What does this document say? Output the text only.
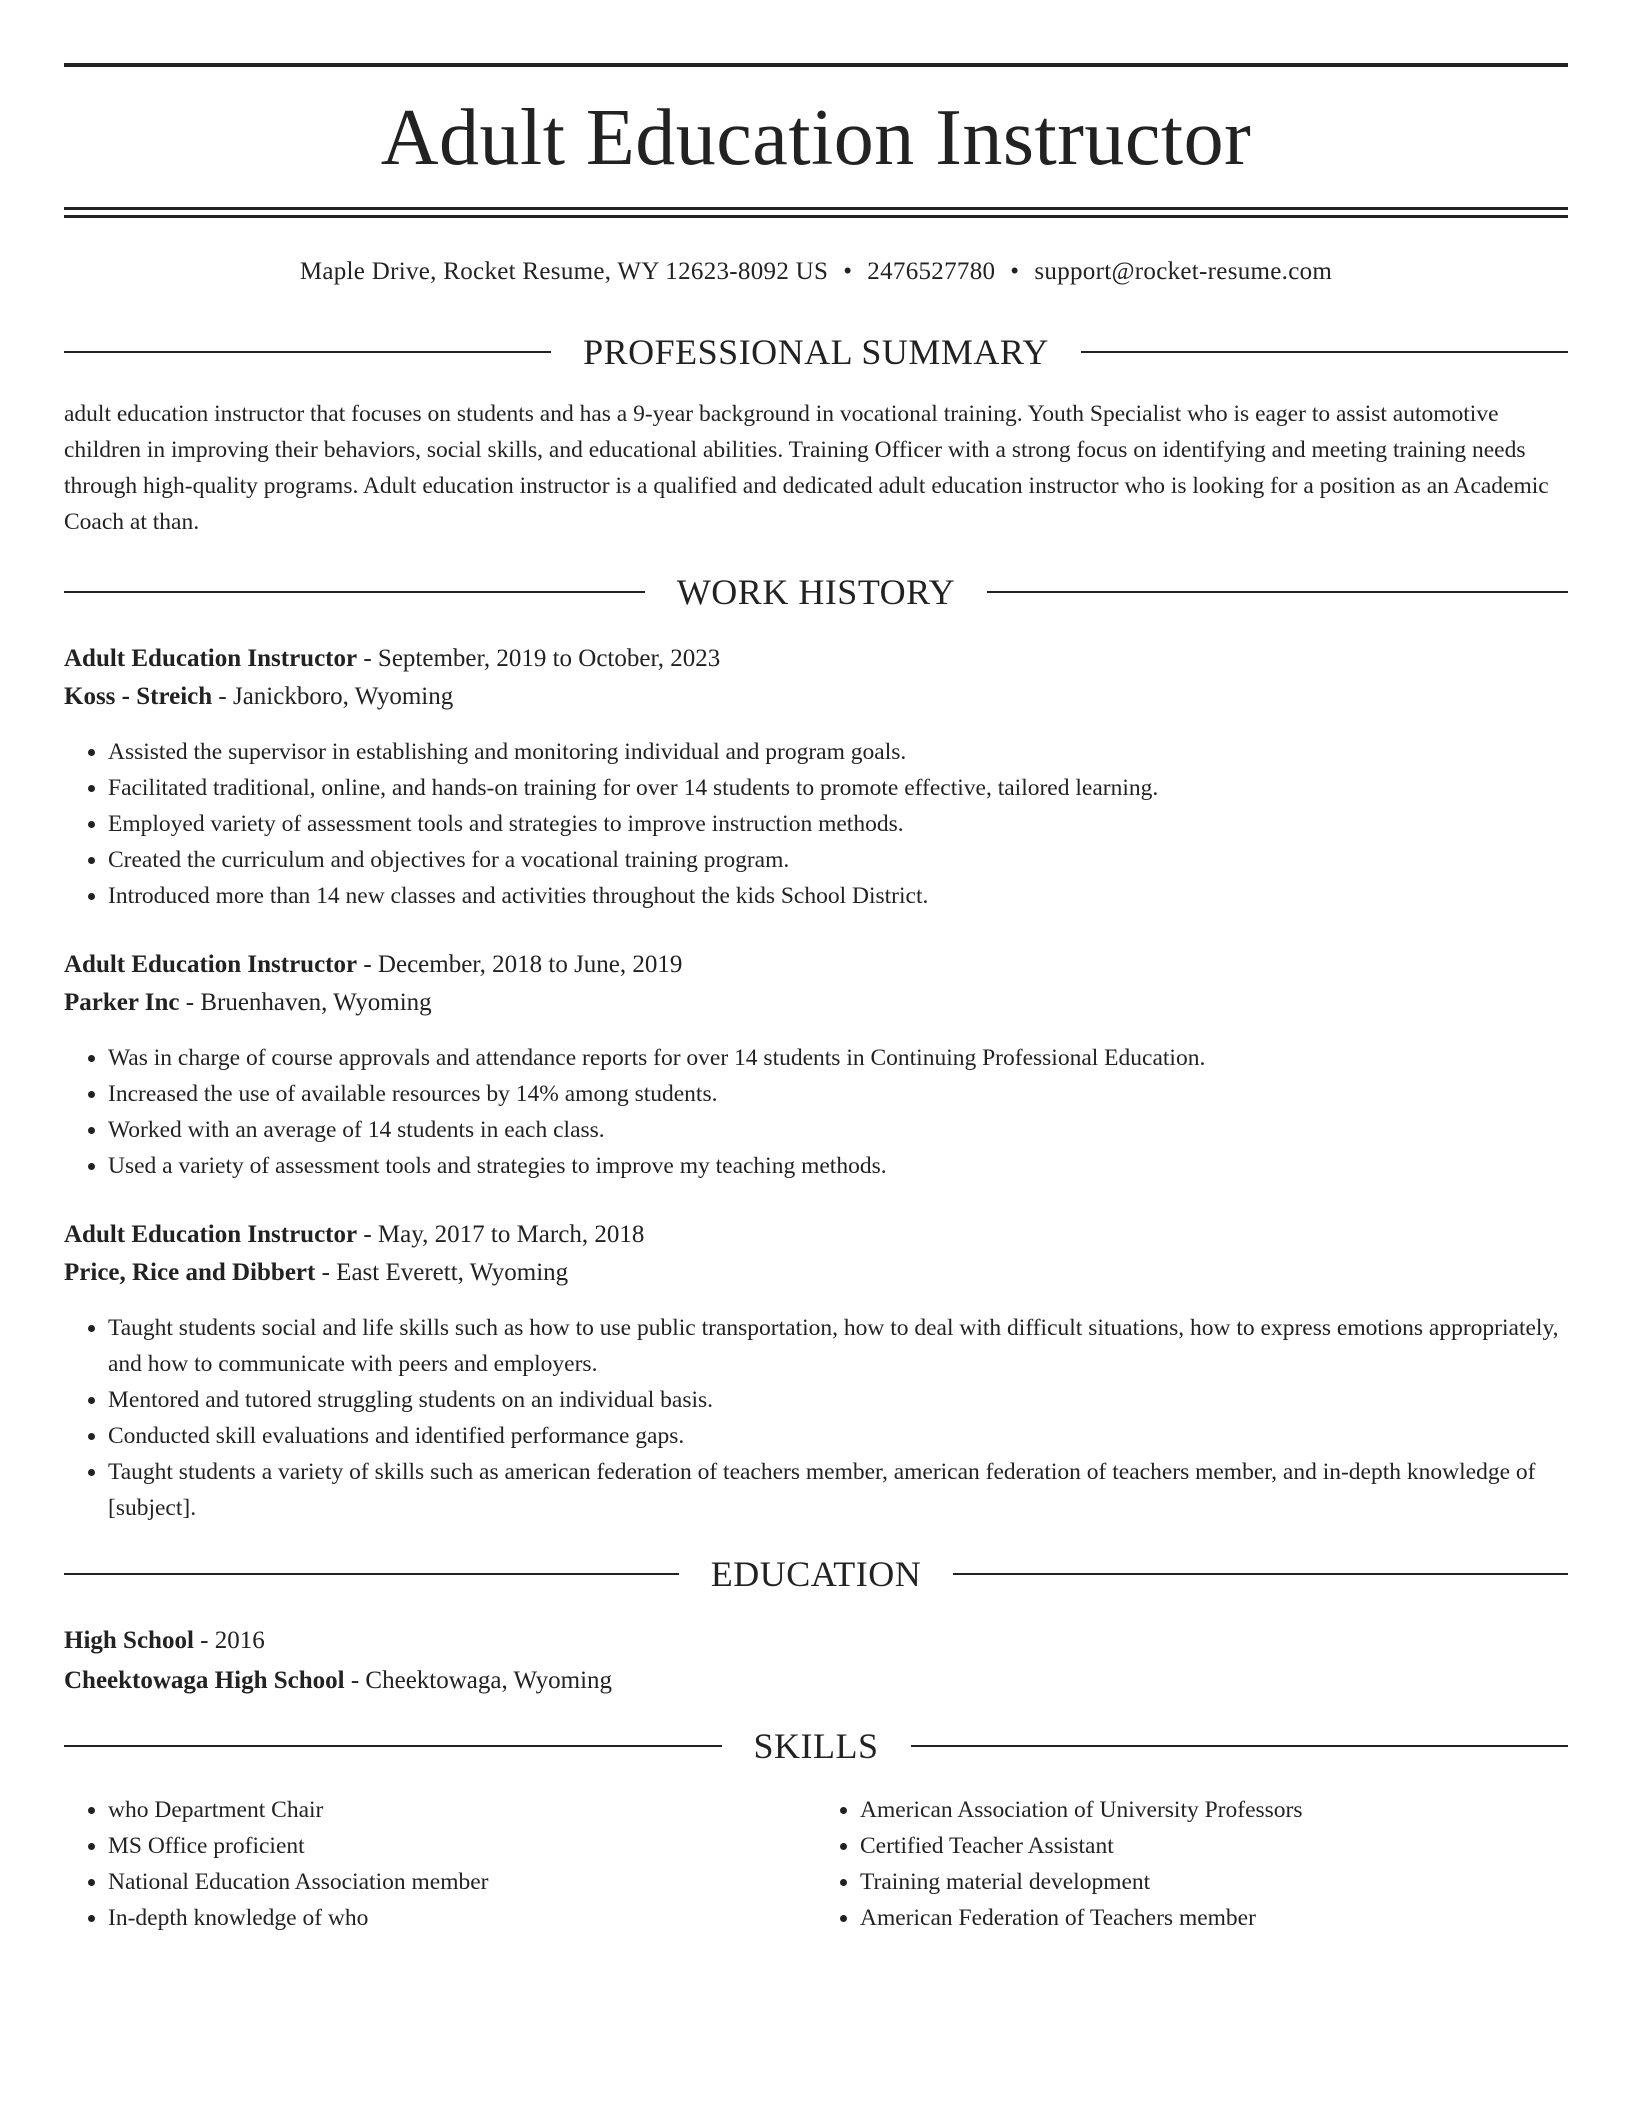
Adult Education Instructor
Maple Drive, Rocket Resume, WY 12623-8092 US • 2476527780 • support@rocket-resume.com
PROFESSIONAL SUMMARY
adult education instructor that focuses on students and has a 9-year background in vocational training. Youth Specialist who is eager to assist automotive children in improving their behaviors, social skills, and educational abilities. Training Officer with a strong focus on identifying and meeting training needs through high-quality programs. Adult education instructor is a qualified and dedicated adult education instructor who is looking for a position as an Academic Coach at than.
WORK HISTORY
Adult Education Instructor - September, 2019 to October, 2023
Koss - Streich - Janickboro, Wyoming
• Assisted the supervisor in establishing and monitoring individual and program goals.
• Facilitated traditional, online, and hands-on training for over 14 students to promote effective, tailored learning.
• Employed variety of assessment tools and strategies to improve instruction methods.
• Created the curriculum and objectives for a vocational training program.
• Introduced more than 14 new classes and activities throughout the kids School District.
Adult Education Instructor - December, 2018 to June, 2019
Parker Inc - Bruenhaven, Wyoming
• Was in charge of course approvals and attendance reports for over 14 students in Continuing Professional Education.
• Increased the use of available resources by 14% among students.
• Worked with an average of 14 students in each class.
• Used a variety of assessment tools and strategies to improve my teaching methods.
Adult Education Instructor - May, 2017 to March, 2018
Price, Rice and Dibbert - East Everett, Wyoming
• Taught students social and life skills such as how to use public transportation, how to deal with difficult situations, how to express emotions appropriately, and how to communicate with peers and employers.
• Mentored and tutored struggling students on an individual basis.
• Conducted skill evaluations and identified performance gaps.
• Taught students a variety of skills such as american federation of teachers member, american federation of teachers member, and in-depth knowledge of [subject].
EDUCATION
High School - 2016
Cheektowaga High School - Cheektowaga, Wyoming
SKILLS
• who Department Chair
• MS Office proficient
• National Education Association member
• In-depth knowledge of who
• American Association of University Professors
• Certified Teacher Assistant
• Training material development
• American Federation of Teachers member
